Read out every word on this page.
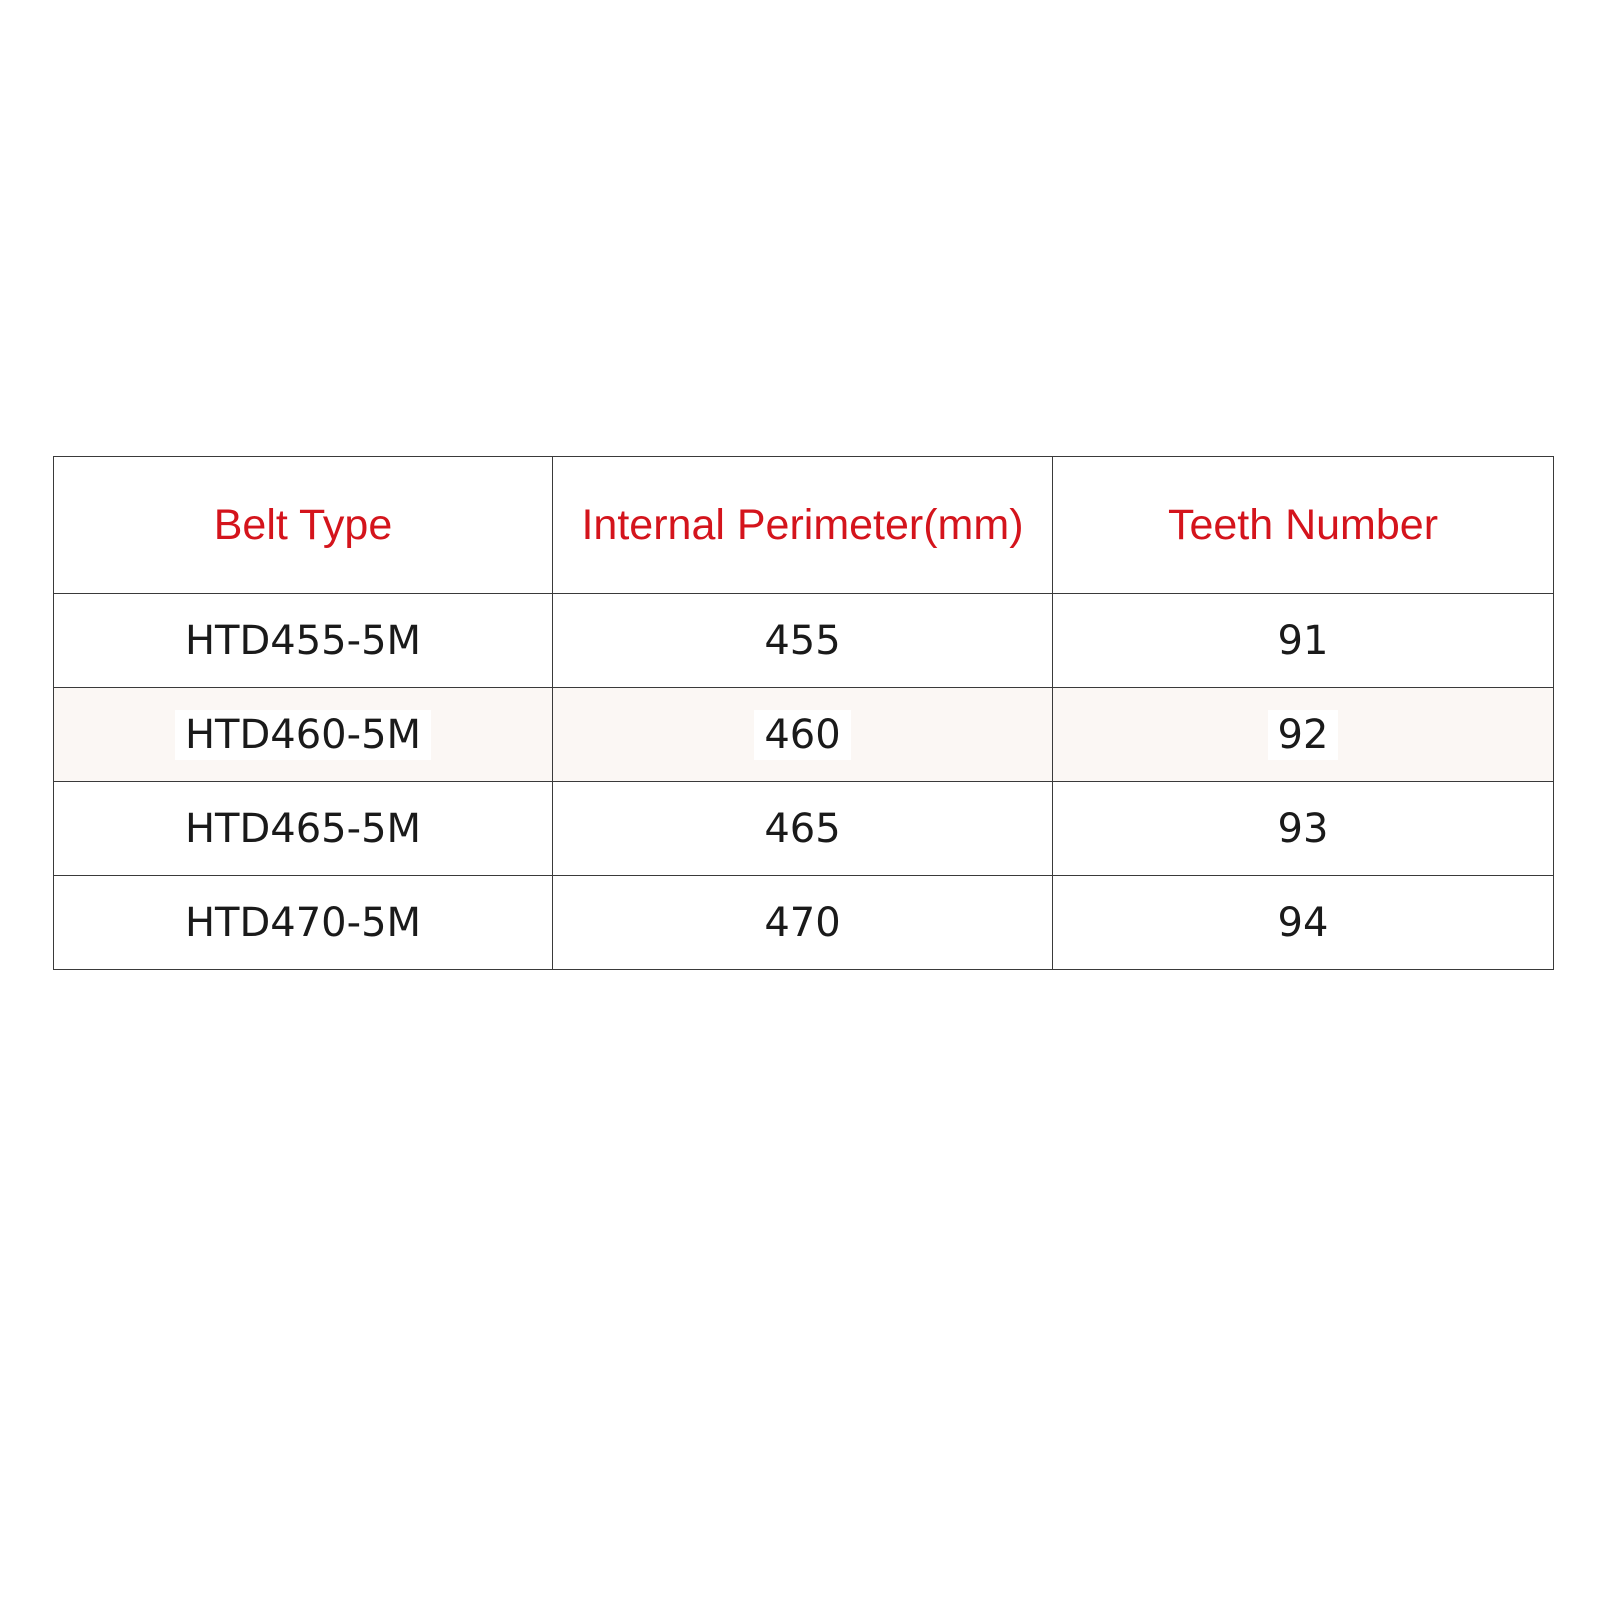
Belt Type	Internal Perimeter(mm)	Teeth Number
HTD455-5M	455	91
HTD460-5M	460	92
HTD465-5M	465	93
HTD470-5M	470	94
